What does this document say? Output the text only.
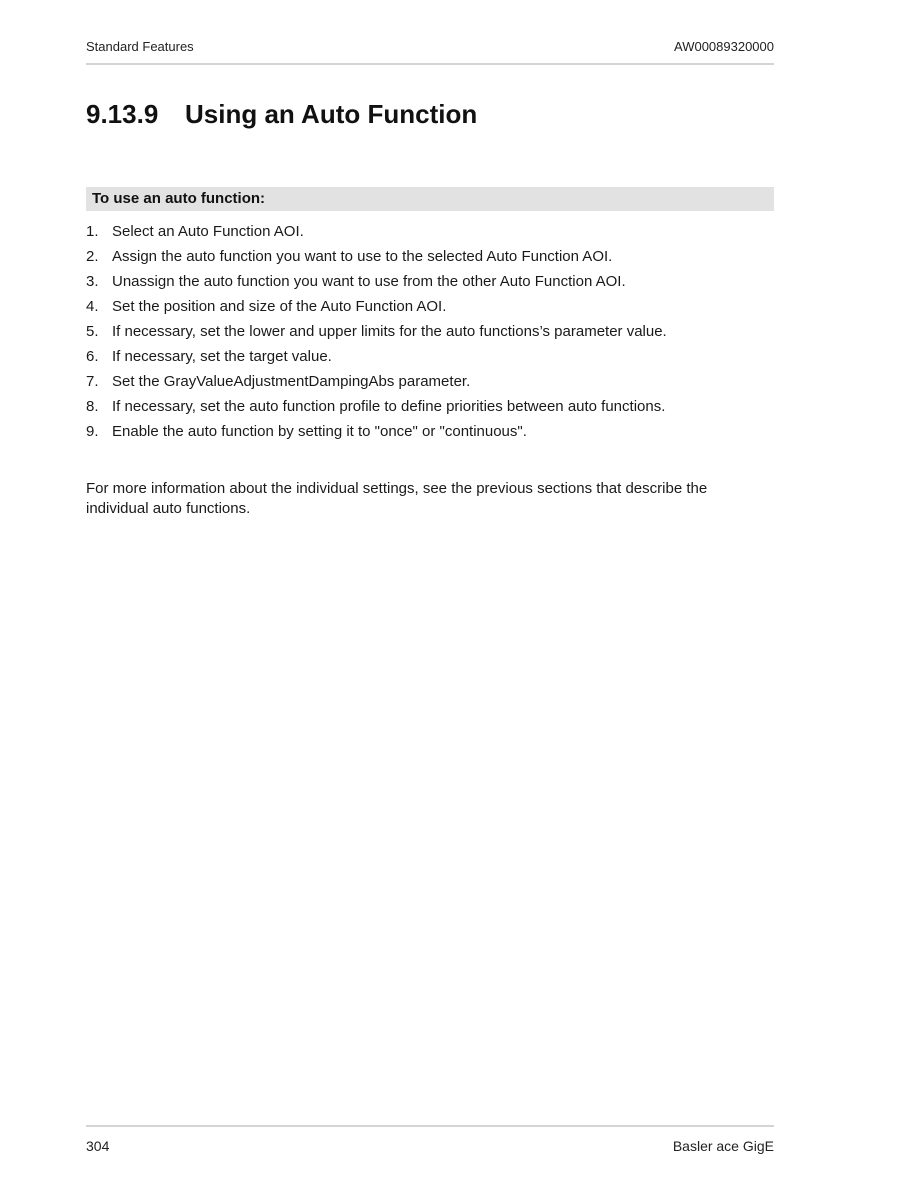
Standard Features	AW00089320000
9.13.9 Using an Auto Function
To use an auto function:
1. Select an Auto Function AOI.
2. Assign the auto function you want to use to the selected Auto Function AOI.
3. Unassign the auto function you want to use from the other Auto Function AOI.
4. Set the position and size of the Auto Function AOI.
5. If necessary, set the lower and upper limits for the auto functions’s parameter value.
6. If necessary, set the target value.
7. Set the GrayValueAdjustmentDampingAbs parameter.
8. If necessary, set the auto function profile to define priorities between auto functions.
9. Enable the auto function by setting it to "once" or "continuous".

For more information about the individual settings, see the previous sections that describe the individual auto functions.

304	Basler ace GigE
